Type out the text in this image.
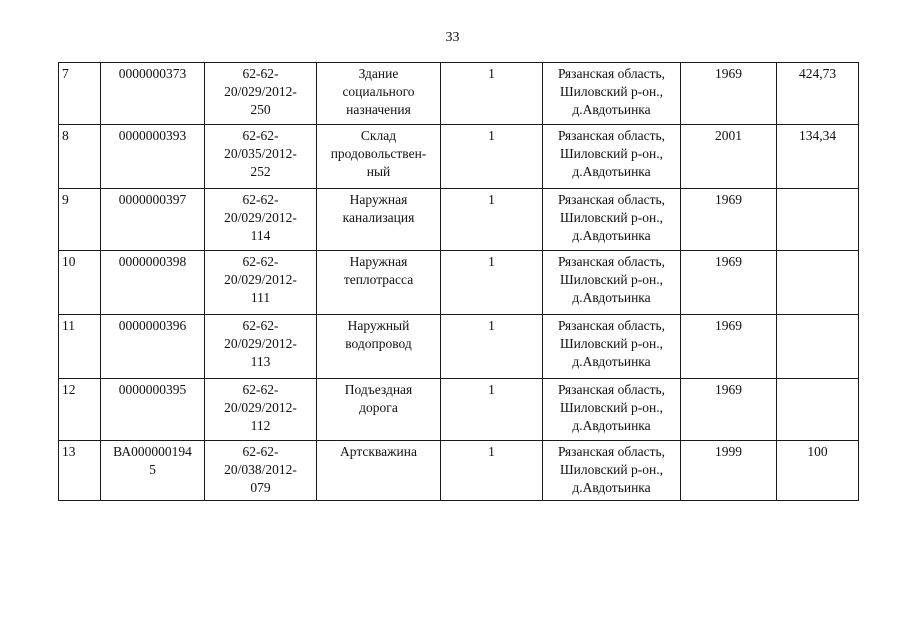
33
7	0000000373	62-62-
20/029/2012-
250	Здание
социального
назначения	1	Рязанская область,
Шиловский р-он.,
д.Авдотьинка	1969	424,73
8	0000000393	62-62-
20/035/2012-
252	Склад
продовольствен-
ный	1	Рязанская область,
Шиловский р-он.,
д.Авдотьинка	2001	134,34
9	0000000397	62-62-
20/029/2012-
114	Наружная
канализация	1	Рязанская область,
Шиловский р-он.,
д.Авдотьинка	1969	
10	0000000398	62-62-
20/029/2012-
111	Наружная
теплотрасса	1	Рязанская область,
Шиловский р-он.,
д.Авдотьинка	1969	
11	0000000396	62-62-
20/029/2012-
113	Наружный
водопровод	1	Рязанская область,
Шиловский р-он.,
д.Авдотьинка	1969	
12	0000000395	62-62-
20/029/2012-
112	Подъездная
дорога	1	Рязанская область,
Шиловский р-он.,
д.Авдотьинка	1969	
13	ВА000000194
5	62-62-
20/038/2012-
079	Артскважина	1	Рязанская область,
Шиловский р-он.,
д.Авдотьинка	1999	100
